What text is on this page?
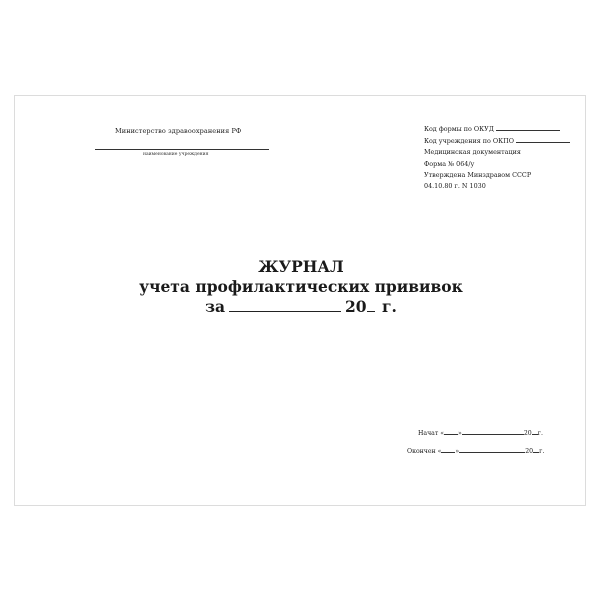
Министерство здравоохранения РФ
наименование учреждения
Код формы по ОКУД
Код учреждения по ОКПО
Медицинская документация
Форма № 064/у
Утверждена Минздравом СССР
04.10.80 г. N 1030
ЖУРНАЛ
учета профилактических прививок
за	20 г.
Начат « »	20 г.
Окончен « »	20 г.
